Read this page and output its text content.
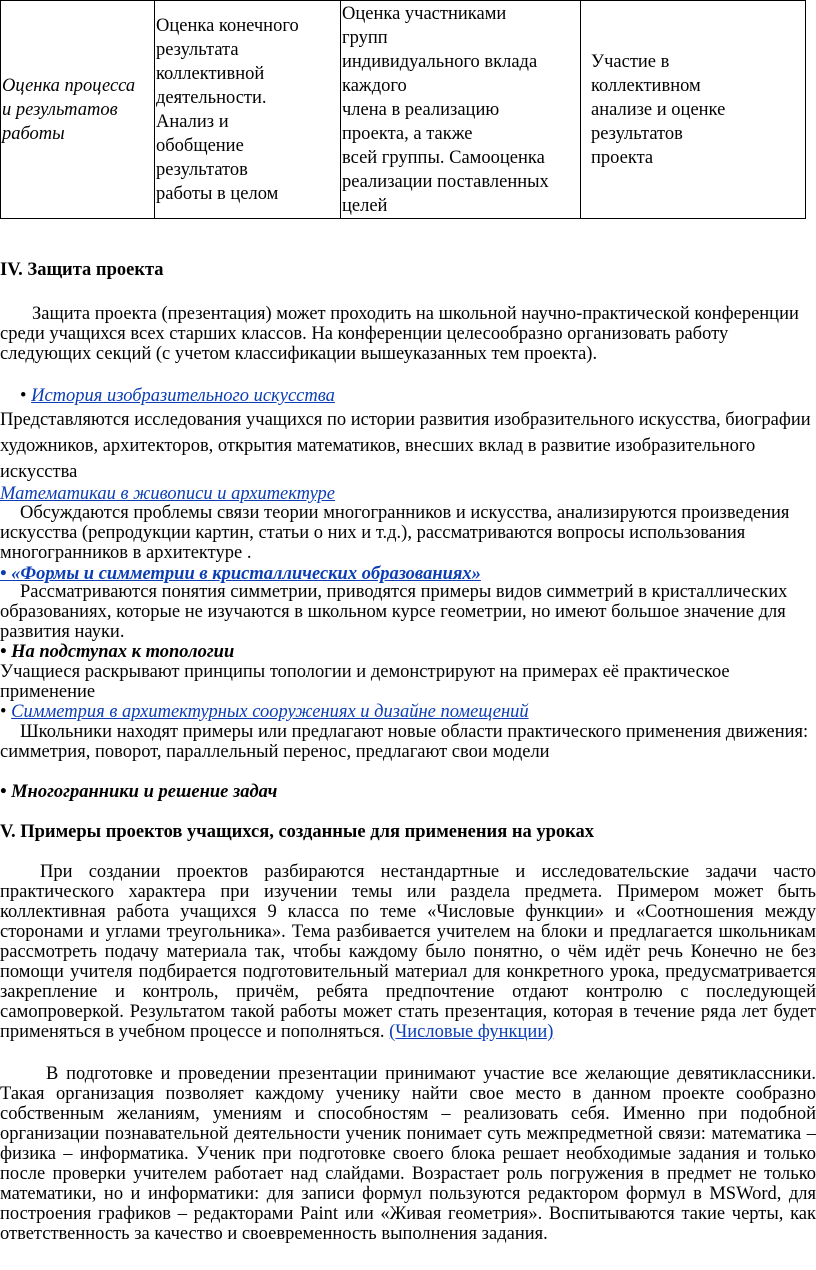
Оценка процесса
и результатов
работы	Оценка конечного
результата
коллективной
деятельности.
Анализ и
обобщение
результатов
работы в целом	Оценка участниками
групп
индивидуального вклада
каждого
члена в реализацию
проекта, а также
всей группы. Самооценка
реализации поставленных
целей	Участие в
коллективном
анализе и оценке
результатов
проекта
IV. Защита проекта

Защита проекта (презентация) может проходить на школьной научно-практической конференции среди учащихся всех старших классов. На конференции целесообразно организовать работу следующих секций (с учетом классификации вышеуказанных тем проекта).

• История изобразительного искусства

Представляются исследования учащихся по истории развития изобразительного искусства, биографии художников, архитекторов, открытия математиков, внесших вклад в развитие изобразительного искусства

Математикаи в живописи и архитектуре

Обсуждаются проблемы связи теории многогранников и искусства, анализируются произведения искусства (репродукции картин, статьи о них и т.д.), рассматриваются вопросы использования многогранников в архитектуре .

• «Формы и симметрии в кристаллических образованиях»

Рассматриваются понятия симметрии, приводятся примеры видов симметрий в кристаллических образованиях, которые не изучаются в школьном курсе геометрии, но имеют большое значение для развития науки.

• На подступах к топологии

Учащиеся раскрывают принципы топологии и демонстрируют на примерах её практическое применение

• Симметрия в архитектурных сооружениях и дизайне помещений

Школьники находят примеры или предлагают новые области практического применения движения: симметрия, поворот, параллельный перенос, предлагают свои модели

• Многогранники и решение задач

V. Примеры проектов учащихся, созданные для применения на уроках

При создании проектов разбираются нестандартные и исследовательские задачи часто практического характера при изучении темы или раздела предмета. Примером может быть коллективная работа учащихся 9 класса по теме «Числовые функции» и «Соотношения между сторонами и углами треугольника». Тема разбивается учителем на блоки и предлагается школьникам рассмотреть подачу материала так, чтобы каждому было понятно, о чём идёт речь Конечно не без помощи учителя подбирается подготовительный материал для конкретного урока, предусматривается закрепление и контроль, причём, ребята предпочтение отдают контролю с последующей самопроверкой. Результатом такой работы может стать презентация, которая в течение ряда лет будет применяться в учебном процессе и пополняться. (Числовые функции)

В подготовке и проведении презентации принимают участие все желающие девятиклассники. Такая организация позволяет каждому ученику найти свое место в данном проекте сообразно собственным желаниям, умениям и способностям – реализовать себя. Именно при подобной организации познавательной деятельности ученик понимает суть межпредметной связи: математика – физика – информатика. Ученик при подготовке своего блока решает необходимые задания и только после проверки учителем работает над слайдами. Возрастает роль погружения в предмет не только математики, но и информатики: для записи формул пользуются редактором формул в MSWord, для построения графиков – редакторами Paint или «Живая геометрия». Воспитываются такие черты, как ответственность за качество и своевременность выполнения задания.
